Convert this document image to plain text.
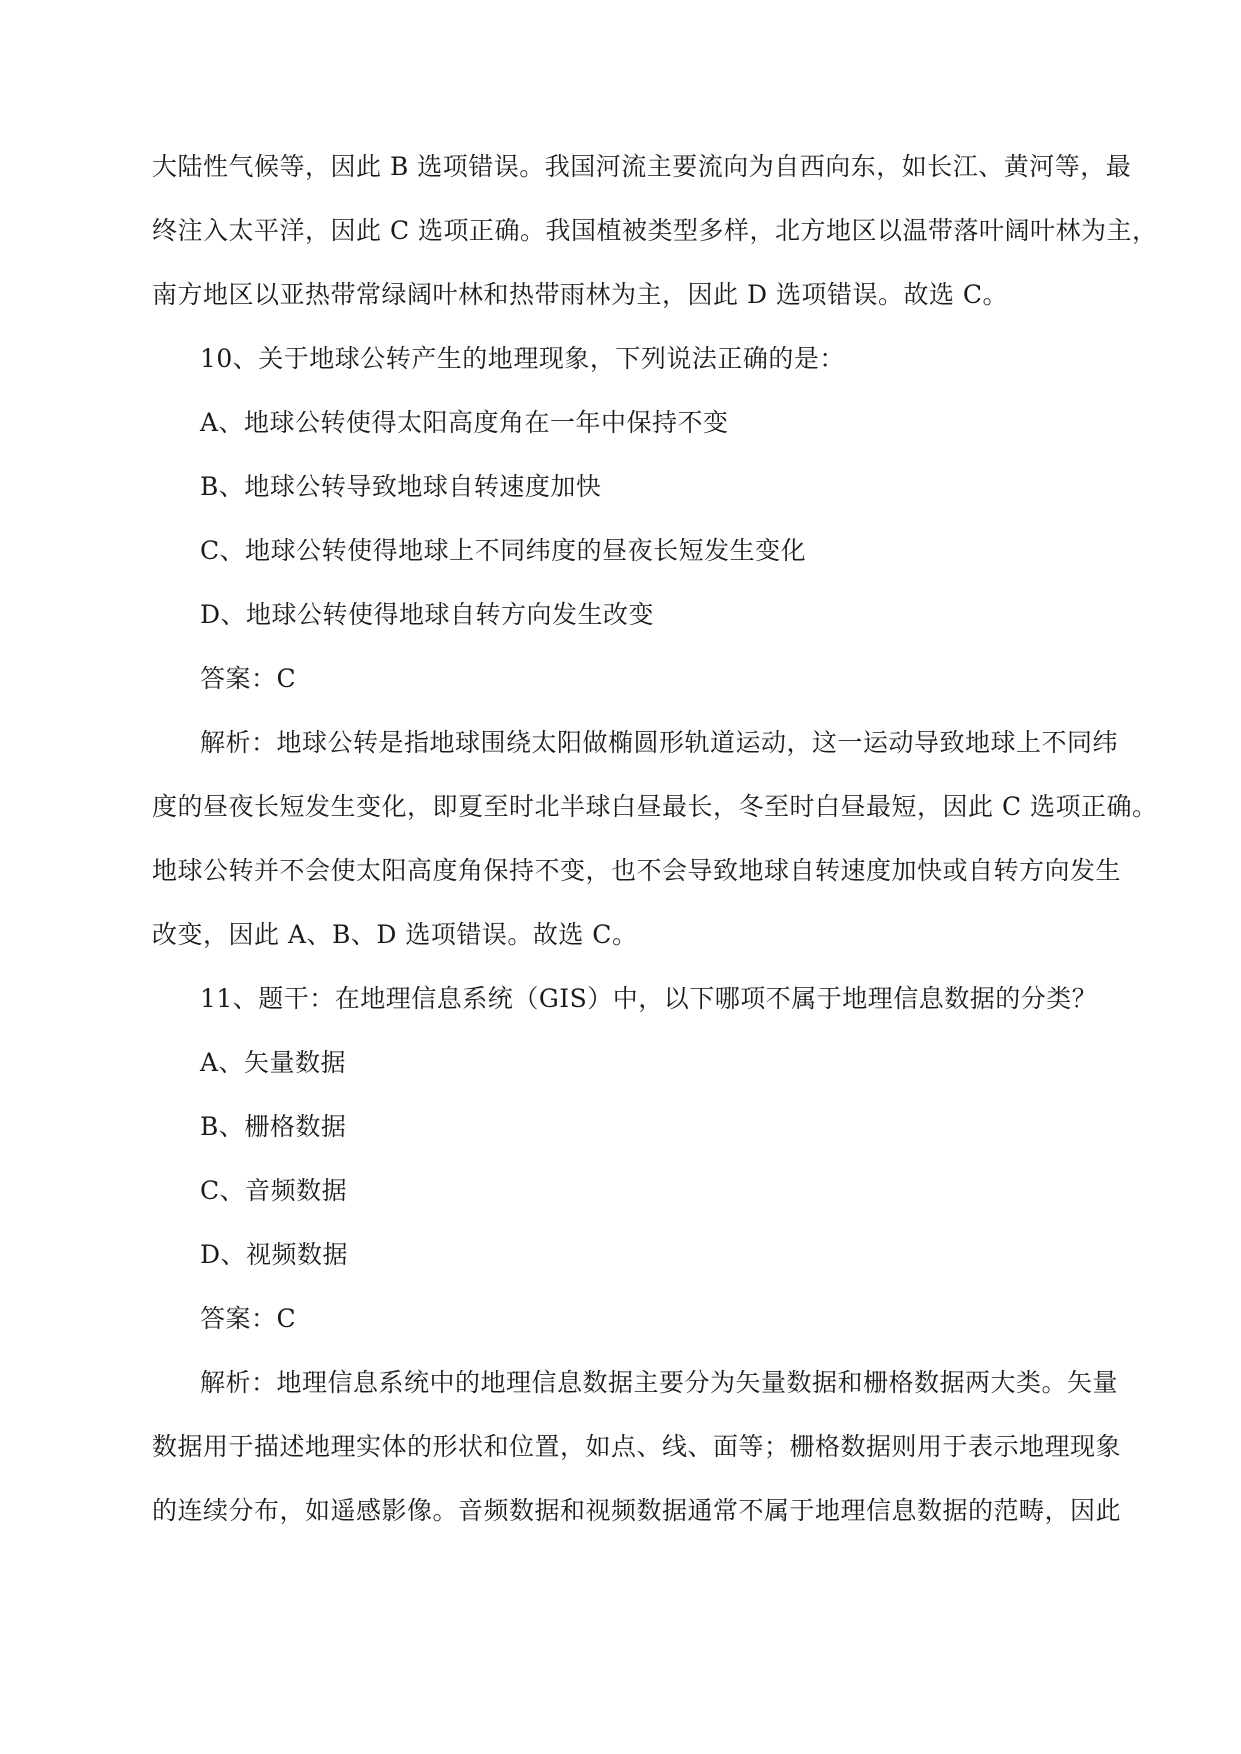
大陆性气候等，因此 B 选项错误。我国河流主要流向为自西向东，如长江、黄河等，最
终注入太平洋，因此 C 选项正确。我国植被类型多样，北方地区以温带落叶阔叶林为主，
南方地区以亚热带常绿阔叶林和热带雨林为主，因此 D 选项错误。故选 C。
10、关于地球公转产生的地理现象，下列说法正确的是：
A、地球公转使得太阳高度角在一年中保持不变
B、地球公转导致地球自转速度加快
C、地球公转使得地球上不同纬度的昼夜长短发生变化
D、地球公转使得地球自转方向发生改变
答案：C
解析：地球公转是指地球围绕太阳做椭圆形轨道运动，这一运动导致地球上不同纬
度的昼夜长短发生变化，即夏至时北半球白昼最长，冬至时白昼最短，因此 C 选项正确。
地球公转并不会使太阳高度角保持不变，也不会导致地球自转速度加快或自转方向发生
改变，因此 A、B、D 选项错误。故选 C。
11、题干：在地理信息系统（GIS）中，以下哪项不属于地理信息数据的分类？
A、矢量数据
B、栅格数据
C、音频数据
D、视频数据
答案：C
解析：地理信息系统中的地理信息数据主要分为矢量数据和栅格数据两大类。矢量
数据用于描述地理实体的形状和位置，如点、线、面等；栅格数据则用于表示地理现象
的连续分布，如遥感影像。音频数据和视频数据通常不属于地理信息数据的范畴，因此
